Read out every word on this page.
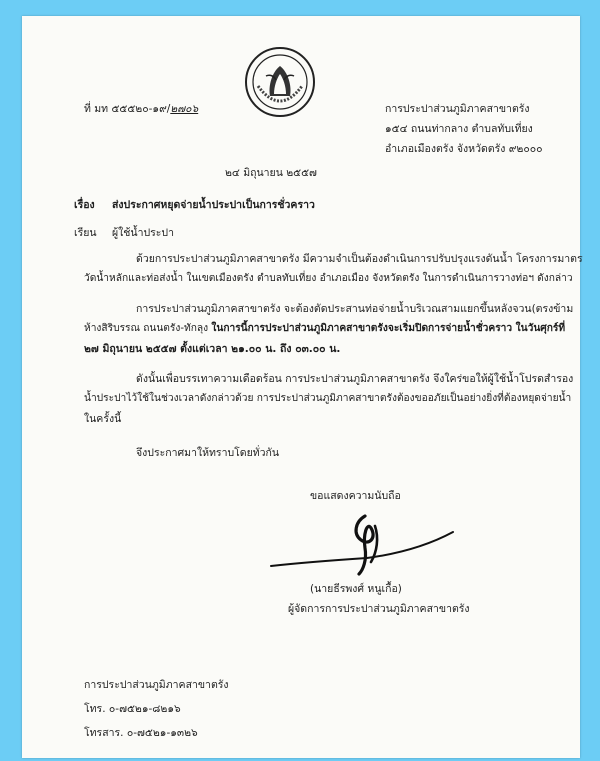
ที่ มท ๕๕๕๒๐-๑๙/๒๗๐๖	การประปาส่วนภูมิภาคสาขาตรัง
๑๕๔ ถนนท่ากลาง ตำบลทับเที่ยง
อำเภอเมืองตรัง จังหวัดตรัง ๙๒๐๐๐
๒๔ มิถุนายน ๒๕๕๗
เรื่อง ส่งประกาศหยุดจ่ายน้ำประปาเป็นการชั่วคราว
เรียน ผู้ใช้น้ำประปา
ด้วยการประปาส่วนภูมิภาคสาขาตรัง มีความจำเป็นต้องดำเนินการปรับปรุงแรงดันน้ำ โครงการมาตร
วัดน้ำหลักและท่อส่งน้ำ ในเขตเมืองตรัง ตำบลทับเที่ยง อำเภอเมือง จังหวัดตรัง ในการดำเนินการวางท่อฯ ดังกล่าว
การประปาส่วนภูมิภาคสาขาตรัง จะต้องตัดประสานท่อจ่ายน้ำบริเวณสามแยกขึ้นหลังจวน(ตรงข้าม
ห้างสิริบรรณ ถนนตรัง-ทักลุง ในการนี้การประปาส่วนภูมิภาคสาขาตรังจะเริ่มปิดการจ่ายน้ำชั่วคราว ในวันศุกร์ที่
๒๗ มิถุนายน ๒๕๕๗ ตั้งแต่เวลา ๒๑.๐๐ น. ถึง ๐๓.๐๐ น.
ดังนั้นเพื่อบรรเทาความเดือดร้อน การประปาส่วนภูมิภาคสาขาตรัง จึงใคร่ขอให้ผู้ใช้น้ำโปรดสำรอง
น้ำประปาไว้ใช้ในช่วงเวลาดังกล่าวด้วย การประปาส่วนภูมิภาคสาขาตรังต้องขออภัยเป็นอย่างยิ่งที่ต้องหยุดจ่ายน้ำ
ในครั้งนี้
จึงประกาศมาให้ทราบโดยทั่วกัน
ขอแสดงความนับถือ
(นายธีรพงศ์ หนูเกื้อ)
ผู้จัดการการประปาส่วนภูมิภาคสาขาตรัง
การประปาส่วนภูมิภาคสาขาตรัง
โทร. ๐-๗๕๒๑-๘๒๑๖
โทรสาร. ๐-๗๕๒๑-๑๓๒๖
